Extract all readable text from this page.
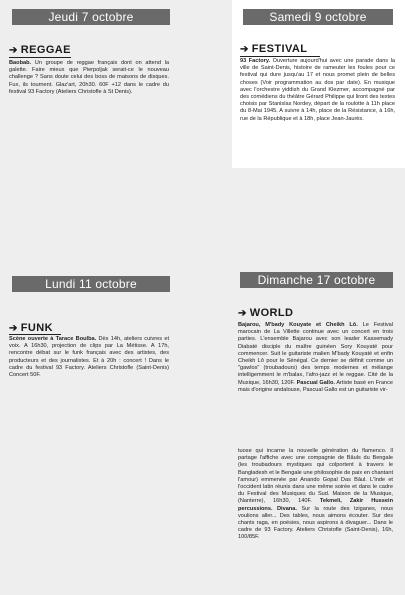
Jeudi 7 octobre
➔ REGGAE
Baobab. Un groupe de reggae français dont on attend la galette. Faire mieux que Pierpoljak serait-ce le nouveau challenge ? Sans doute celui des boss de maisons de disques. Fux, ils tournent. Glaz'art, 20h30. 60F +12 dans le cadre du festival 93 Factory (Ateliers Christofle à St Denis).
Samedi 9 octobre
➔ FESTIVAL
93 Factory. Ouverture aujourd'hui avec une parade dans la ville de Saint-Denis, histoire de rameuter les foules pour ce festival qui dure jusqu'au 17 et nous promet plein de belles choses (Voir programmation au dos par date). En musique avec l'orchestre yiddish du Grand Klezmer, accompagné par des comédiens du théâtre Gérard Philippe qui liront des textes choisis par Stanislas Nordey, départ de la roulotte à 11h place du 8-Mai 1945. A suivre à 14h, place de la Résistance, à 16h, rue de la République et à 18h, place Jean-Jaurès.
Lundi 11 octobre
➔ FUNK
Scène ouverte à Tarace Boulba. Dès 14h, ateliers cuivres et voix. A 16h30, projection de clips par La Métisse. A 17h, rencontre débat sur le funk français avec des artistes, des producteurs et des journalistes. Et à 20h : concert ! Dans le cadre du festival 93 Factory. Ateliers Christofle (Saint-Denis) Concert 50F.
Dimanche 17 octobre
➔ WORLD
Bajarou, M'bady Kouyate et Cheikh Lô. Le Festival marocain de La Villette continue avec un concert en trois parties. L'ensemble Bajarou avec son leader Kassemady Diabaté disciple du maître guinéen Sory Kouyaté pour commencer. Suit le guitariste malien M'bady Kouyaté et enfin Cheikh Lô pour le Sénégal. Ce dernier se définit comme un "gawlos" (troubadours) des temps modernes et mélange intelligemment le m'balax, l'afro-jazz et le reggae. Cité de la Musique, 16h30, 120F. Pascual Gallo. Artiste basé en France mais d'origine andalouse, Pascual Gallo est un guitariste vir-
tuose qui incarne la nouvelle génération du flamenco. Il partage l'affiche avec une compagnie de Bâuls du Bengale (les troubadours mystiques qui colportent à travers le Bangladesh et le Bengale une philosophie de paix en chantant l'amour) emmenée par Anando Gopal Das Bâul. L'Inde et l'occident latin réunis dans une même soirée et dans le cadre du Festival des Musiques du Sud. Maison de la Musique, (Nanterre), 16h30, 140F. Tekmeli, Zakir Hussein percussions. Divana. Sur la route des tziganes, nous voulions aller... Des tables, nous aimons écouter. Sur des chants raga, en poésies, nous aspirons à divaguer... Dans le cadre de 93 Factory. Ateliers Christofle (Saint-Denis), 16h, 100/85F.
